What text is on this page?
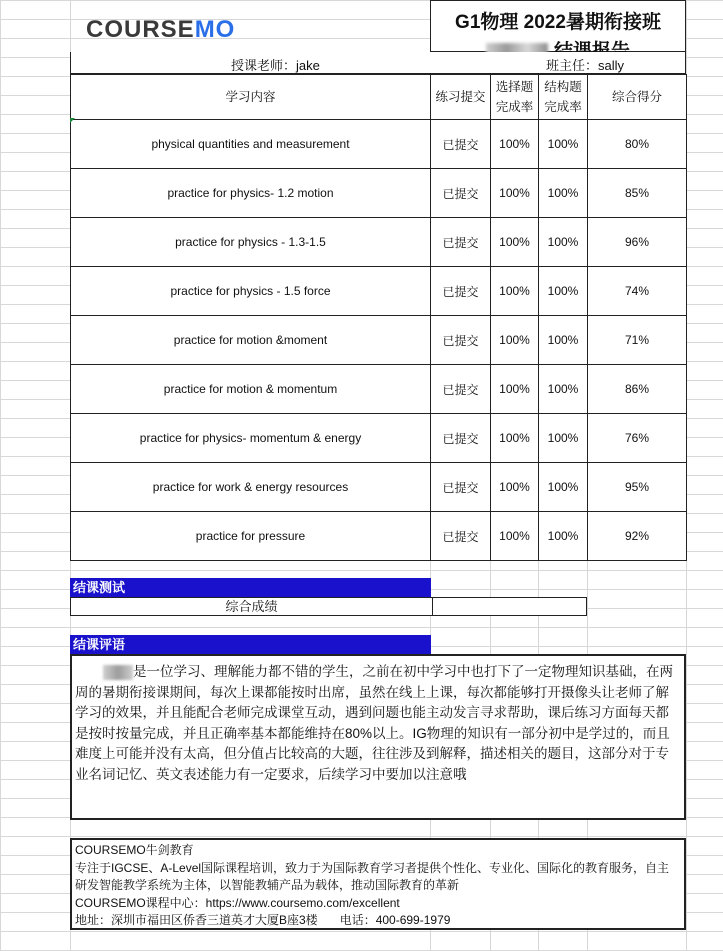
COURSEMO	G1物理 2022暑期衔接班
授课老师：jake	班主任：sally
学习内容	练习提交	选择题完成率	结构题完成率	综合得分
physical quantities and measurement	已提交	100%	100%	80%
practice for physics- 1.2 motion	已提交	100%	100%	85%
practice for physics - 1.3-1.5	已提交	100%	100%	96%
practice for physics - 1.5 force	已提交	100%	100%	74%
practice for motion &moment	已提交	100%	100%	71%
practice for motion & momentum	已提交	100%	100%	86%
practice for physics- momentum & energy	已提交	100%	100%	76%
practice for work & energy resources	已提交	100%	100%	95%
practice for pressure	已提交	100%	100%	92%
结课测试
综合成绩
结课评语
是一位学习、理解能力都不错的学生，之前在初中学习中也打下了一定物理知识基础，在两周的暑期衔接课期间，每次上课都能按时出席，虽然在线上上课，每次都能够打开摄像头让老师了解学习的效果，并且能配合老师完成课堂互动，遇到问题也能主动发言寻求帮助，课后练习方面每天都是按时按量完成，并且正确率基本都能维持在80%以上。IG物理的知识有一部分初中是学过的，而且难度上可能并没有太高，但分值占比较高的大题，往往涉及到解释，描述相关的题目，这部分对于专业名词记忆、英文表述能力有一定要求，后续学习中要加以注意哦
COURSEMO牛剑教育
专注于IGCSE、A-Level国际课程培训，致力于为国际教育学习者提供个性化、专业化、国际化的教育服务，自主研发智能教学系统为主体，以智能教辅产品为载体，推动国际教育的革新
COURSEMO课程中心：https://www.coursemo.com/excellent
地址：深圳市福田区侨香三道英才大厦B座3楼 电话：400-699-1979
